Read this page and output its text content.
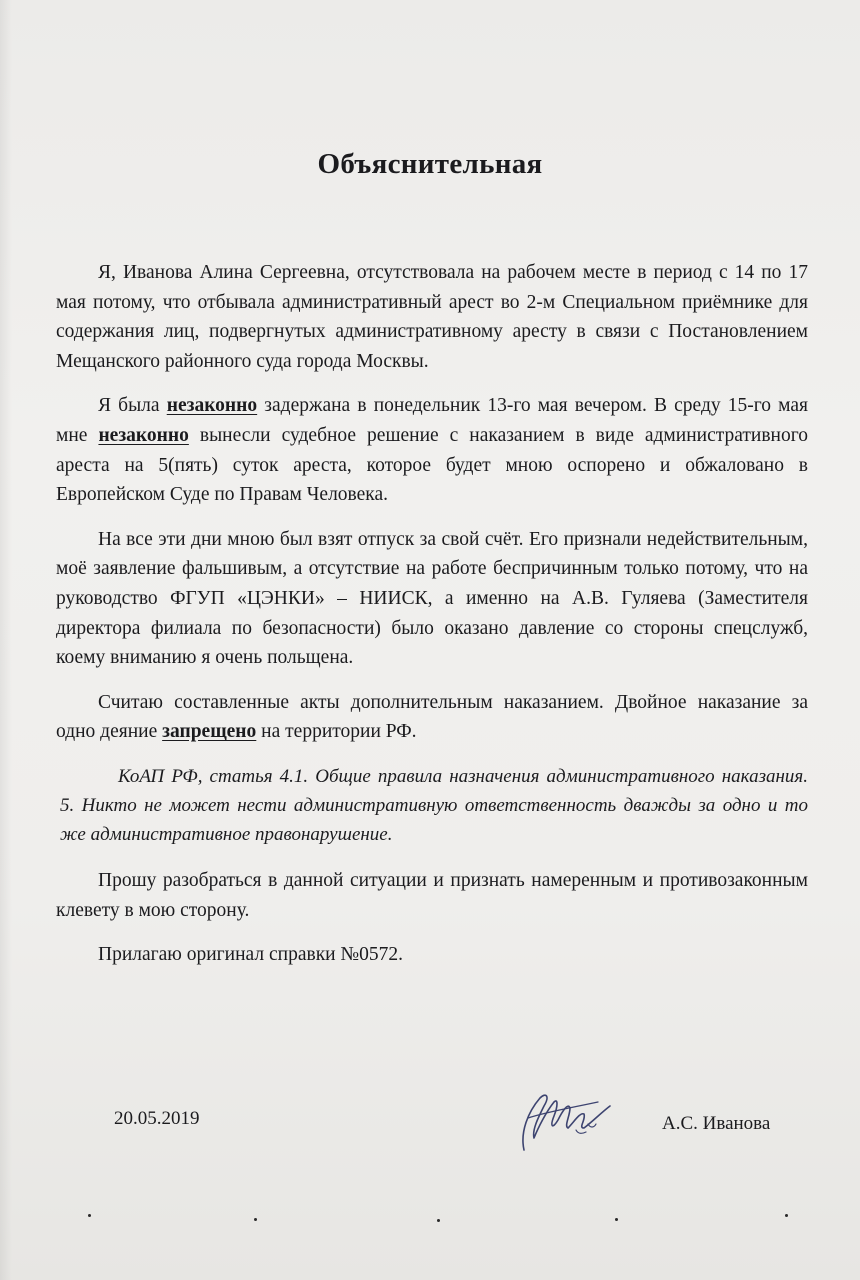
Объяснительная

Я, Иванова Алина Сергеевна, отсутствовала на рабочем месте в период с 14 по 17 мая потому, что отбывала административный арест во 2-м Специальном приёмнике для содержания лиц, подвергнутых административному аресту в связи с Постановлением Мещанского районного суда города Москвы.

Я была незаконно задержана в понедельник 13-го мая вечером. В среду 15-го мая мне незаконно вынесли судебное решение с наказанием в виде административного ареста на 5(пять) суток ареста, которое будет мною оспорено и обжаловано в Европейском Суде по Правам Человека.

На все эти дни мною был взят отпуск за свой счёт. Его признали недействительным, моё заявление фальшивым, а отсутствие на работе беспричинным только потому, что на руководство ФГУП «ЦЭНКИ» – НИИСК, а именно на А.В. Гуляева (Заместителя директора филиала по безопасности) было оказано давление со стороны спецслужб, коему вниманию я очень польщена.

Считаю составленные акты дополнительным наказанием. Двойное наказание за одно деяние запрещено на территории РФ.

КоАП РФ, статья 4.1. Общие правила назначения административного наказания. 5. Никто не может нести административную ответственность дважды за одно и то же административное правонарушение.

Прошу разобраться в данной ситуации и признать намеренным и противозаконным клевету в мою сторону.

Прилагаю оригинал справки №0572.

20.05.2019	А.С. Иванова
